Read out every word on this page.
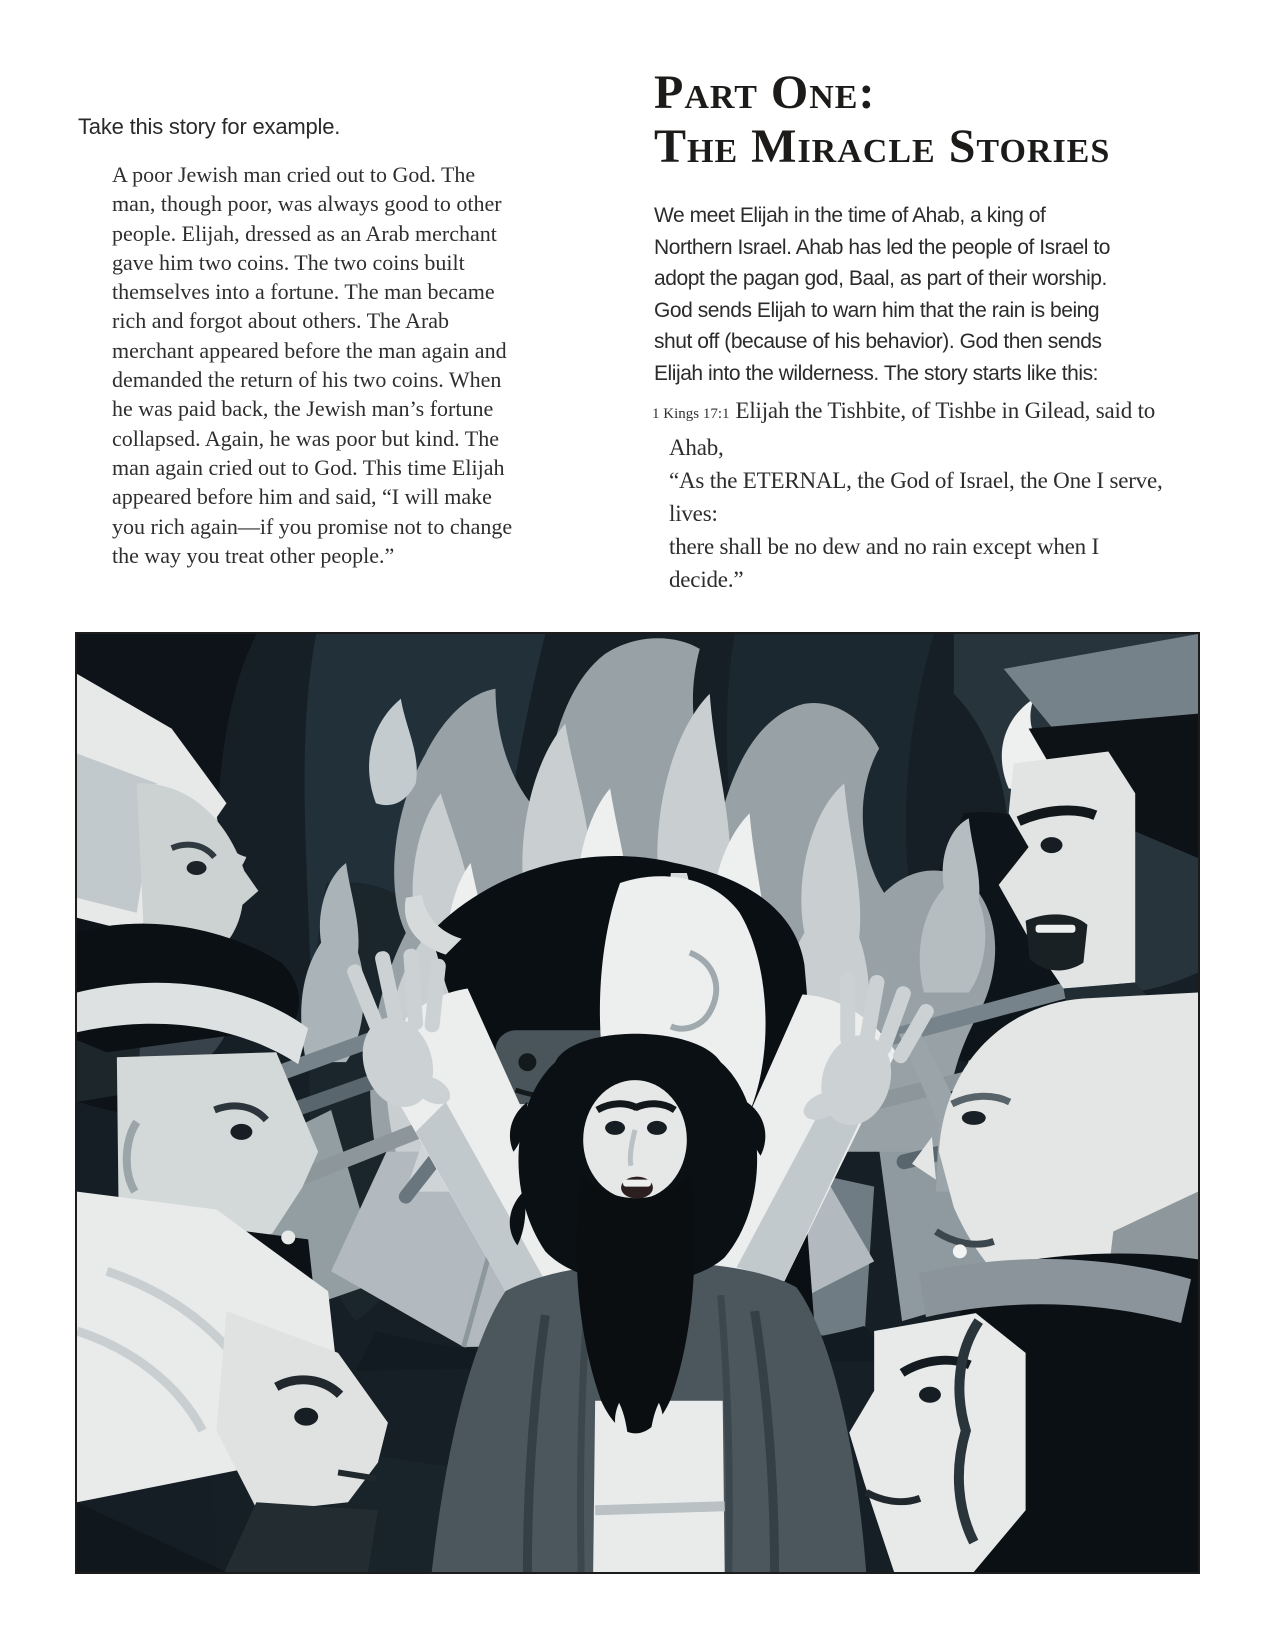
Take this story for example.
A poor Jewish man cried out to God. The
man, though poor, was always good to other
people. Elijah, dressed as an Arab merchant
gave him two coins. The two coins built
themselves into a fortune. The man became
rich and forgot about others. The Arab
merchant appeared before the man again and
demanded the return of his two coins. When
he was paid back, the Jewish man’s fortune
collapsed. Again, he was poor but kind. The
man again cried out to God. This time Elijah
appeared before him and said, “I will make
you rich again—if you promise not to change
the way you treat other people.”
Part One:
The Miracle Stories
We meet Elijah in the time of Ahab, a king of
Northern Israel. Ahab has led the people of Israel to
adopt the pagan god, Baal, as part of their worship.
God sends Elijah to warn him that the rain is being
shut off (because of his behavior). God then sends
Elijah into the wilderness. The story starts like this:
1 Kings 17:1 Elijah the Tishbite, of Tishbe in Gilead, said to
Ahab,
“As the ETERNAL, the God of Israel, the One I serve,
lives:
there shall be no dew and no rain except when I
decide.”
